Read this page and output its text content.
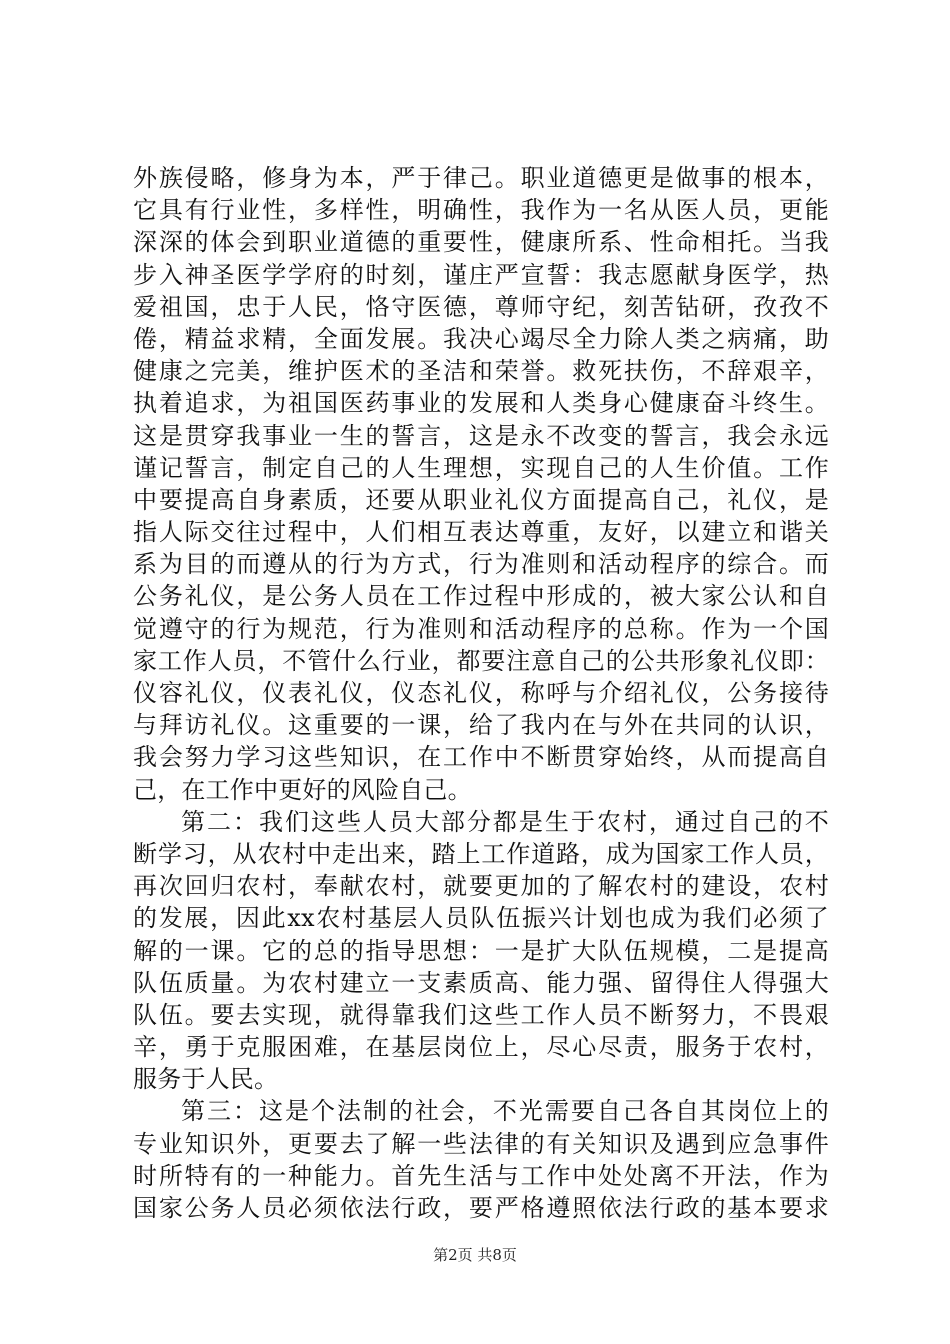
外族侵略，修身为本，严于律己。职业道德更是做事的根本，
它具有行业性，多样性，明确性，我作为一名从医人员，更能
深深的体会到职业道德的重要性，健康所系、性命相托。当我
步入神圣医学学府的时刻，谨庄严宣誓：我志愿献身医学，热
爱祖国，忠于人民，恪守医德，尊师守纪，刻苦钻研，孜孜不
倦，精益求精，全面发展。我决心竭尽全力除人类之病痛，助
健康之完美，维护医术的圣洁和荣誉。救死扶伤，不辞艰辛，
执着追求，为祖国医药事业的发展和人类身心健康奋斗终生。
这是贯穿我事业一生的誓言，这是永不改变的誓言，我会永远
谨记誓言，制定自己的人生理想，实现自己的人生价值。工作
中要提高自身素质，还要从职业礼仪方面提高自己，礼仪，是
指人际交往过程中，人们相互表达尊重，友好，以建立和谐关
系为目的而遵从的行为方式，行为准则和活动程序的综合。而
公务礼仪，是公务人员在工作过程中形成的，被大家公认和自
觉遵守的行为规范，行为准则和活动程序的总称。作为一个国
家工作人员，不管什么行业，都要注意自己的公共形象礼仪即：
仪容礼仪，仪表礼仪，仪态礼仪，称呼与介绍礼仪，公务接待
与拜访礼仪。这重要的一课，给了我内在与外在共同的认识，
我会努力学习这些知识，在工作中不断贯穿始终，从而提高自
己，在工作中更好的风险自己。
第二：我们这些人员大部分都是生于农村，通过自己的不
断学习，从农村中走出来，踏上工作道路，成为国家工作人员，
再次回归农村，奉献农村，就要更加的了解农村的建设，农村
的发展，因此xx农村基层人员队伍振兴计划也成为我们必须了
解的一课。它的总的指导思想：一是扩大队伍规模，二是提高
队伍质量。为农村建立一支素质高、能力强、留得住人得强大
队伍。要去实现，就得靠我们这些工作人员不断努力，不畏艰
辛，勇于克服困难，在基层岗位上，尽心尽责，服务于农村，
服务于人民。
第三：这是个法制的社会，不光需要自己各自其岗位上的
专业知识外，更要去了解一些法律的有关知识及遇到应急事件
时所特有的一种能力。首先生活与工作中处处离不开法，作为
国家公务人员必须依法行政，要严格遵照依法行政的基本要求
第2页 共8页
